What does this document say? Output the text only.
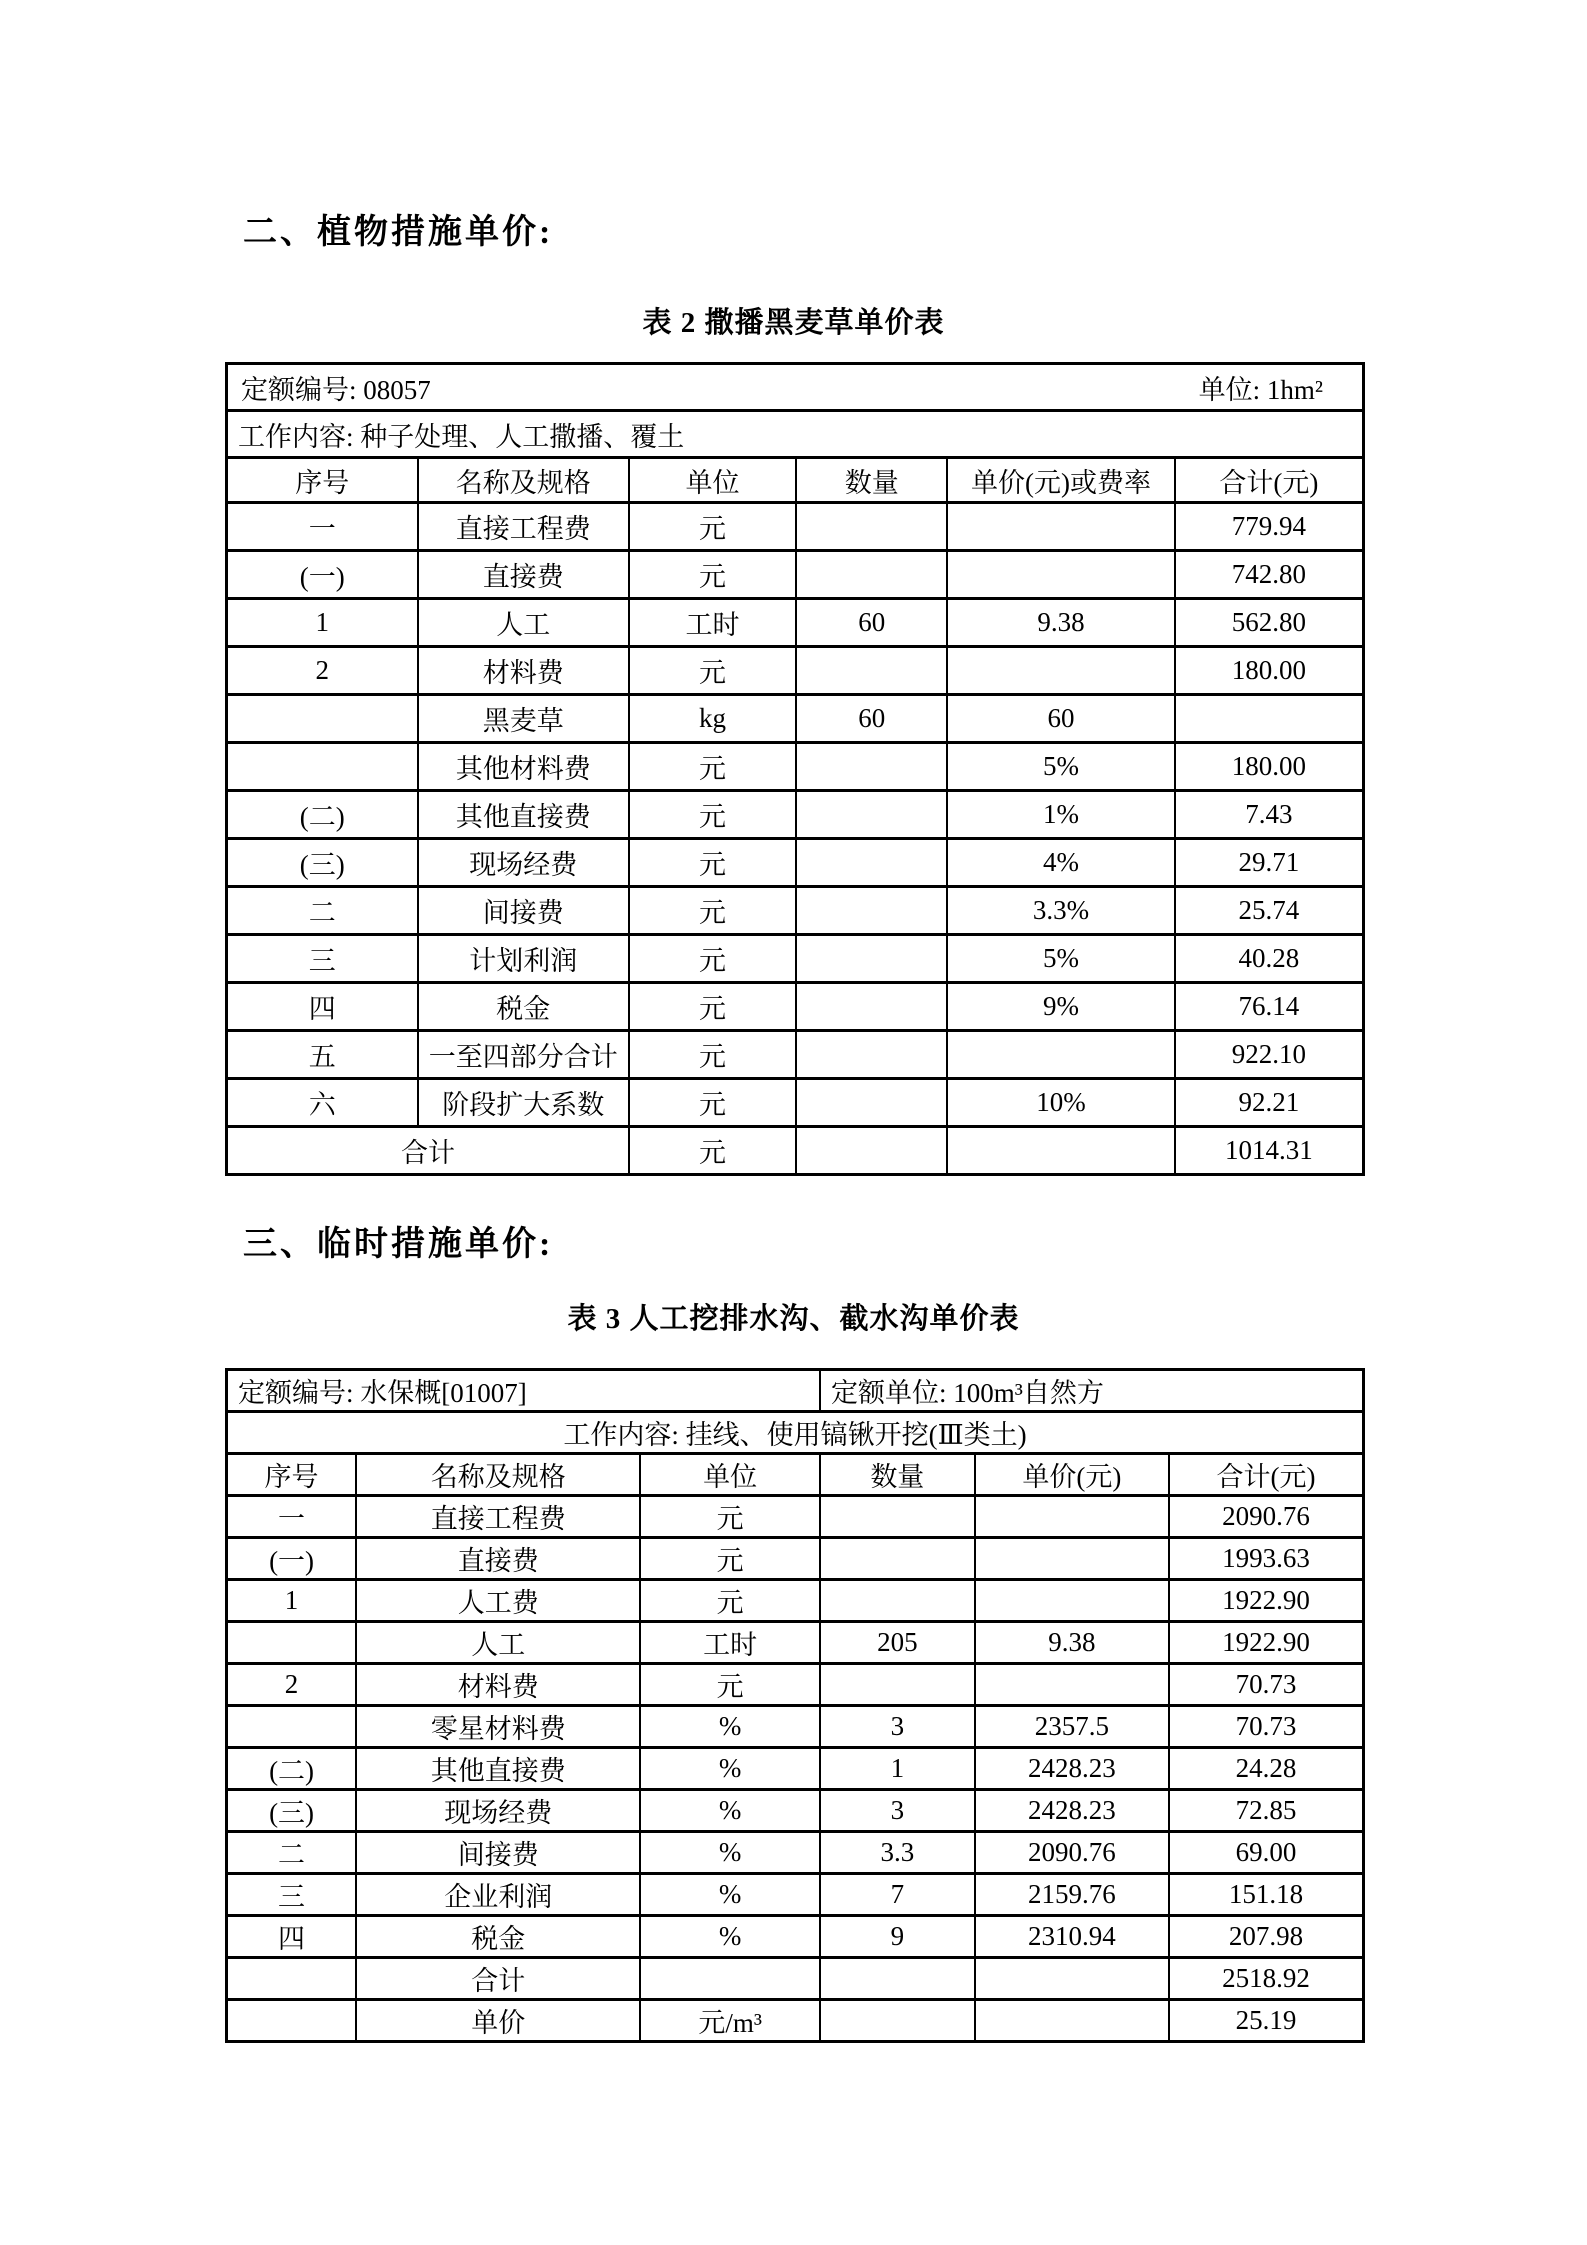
二、植物措施单价:
表 2 撒播黑麦草单价表
定额编号: 08057 单位: 1hm²					

工作内容: 种子处理、人工撒播、覆土					
序号	名称及规格	单位	数量	单价(元)或费率	合计(元)
一	直接工程费	元			779.94
(一)	直接费	元			742.80
1	人工	工时	60	9.38	562.80
2	材料费	元			180.00
	黑麦草	kg	60	60	
	其他材料费	元		5%	180.00
(二)	其他直接费	元		1%	7.43
(三)	现场经费	元		4%	29.71
二	间接费	元		3.3%	25.74
三	计划利润	元		5%	40.28
四	税金	元		9%	76.14
五	一至四部分合计	元			922.10
六	阶段扩大系数	元		10%	92.21
合计		元			1014.31
三、临时措施单价:
表 3 人工挖排水沟、截水沟单价表
定额编号: 水保概[01007]			定额单位: 100m³自然方		
工作内容: 挂线、使用镐锹开挖(Ⅲ类土)					
序号	名称及规格	单位	数量	单价(元)	合计(元)
一	直接工程费	元			2090.76
(一)	直接费	元			1993.63
1	人工费	元			1922.90
	人工	工时	205	9.38	1922.90
2	材料费	元			70.73
	零星材料费	%	3	2357.5	70.73
(二)	其他直接费	%	1	2428.23	24.28
(三)	现场经费	%	3	2428.23	72.85
二	间接费	%	3.3	2090.76	69.00
三	企业利润	%	7	2159.76	151.18
四	税金	%	9	2310.94	207.98
	合计				2518.92
	单价	元/m³			25.19
